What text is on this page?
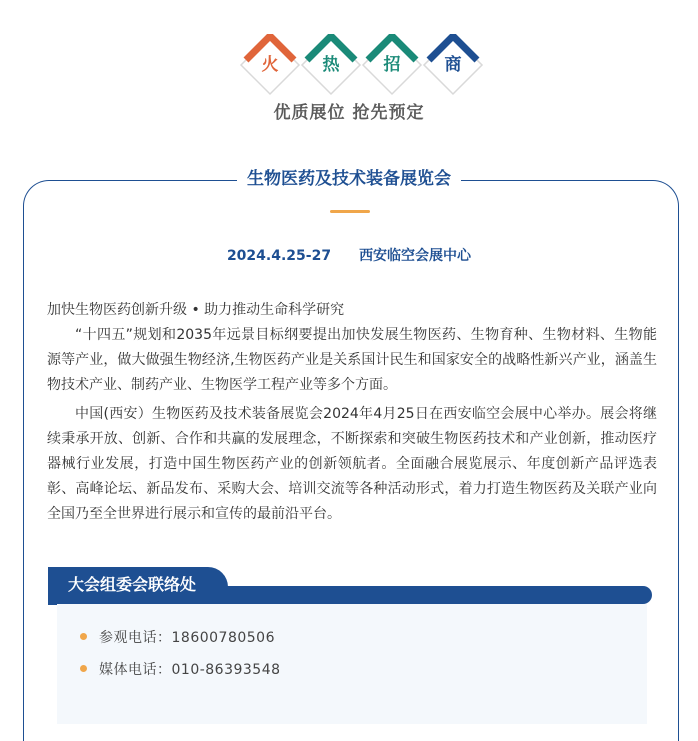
火	热	招	商
优质展位 抢先预定
生物医药及技术装备展览会
2024.4.25-27 西安临空会展中心
加快生物医药创新升级 • 助力推动生命科学研究
“十四五”规划和2035年远景目标纲要提出加快发展生物医药、生物育种、生物材料、生物能源等产业，做大做强生物经济,生物医药产业是关系国计民生和国家安全的战略性新兴产业，涵盖生物技术产业、制药产业、生物医学工程产业等多个方面。
中国(西安）生物医药及技术装备展览会2024年4月25日在西安临空会展中心举办。展会将继续秉承开放、创新、合作和共赢的发展理念，不断探索和突破生物医药技术和产业创新，推动医疗器械行业发展，打造中国生物医药产业的创新领航者。全面融合展览展示、年度创新产品评选表彰、高峰论坛、新品发布、采购大会、培训交流等各种活动形式，着力打造生物医药及关联产业向全国乃至全世界进行展示和宣传的最前沿平台。
大会组委会联络处
参观电话：18600780506
媒体电话：010-86393548
